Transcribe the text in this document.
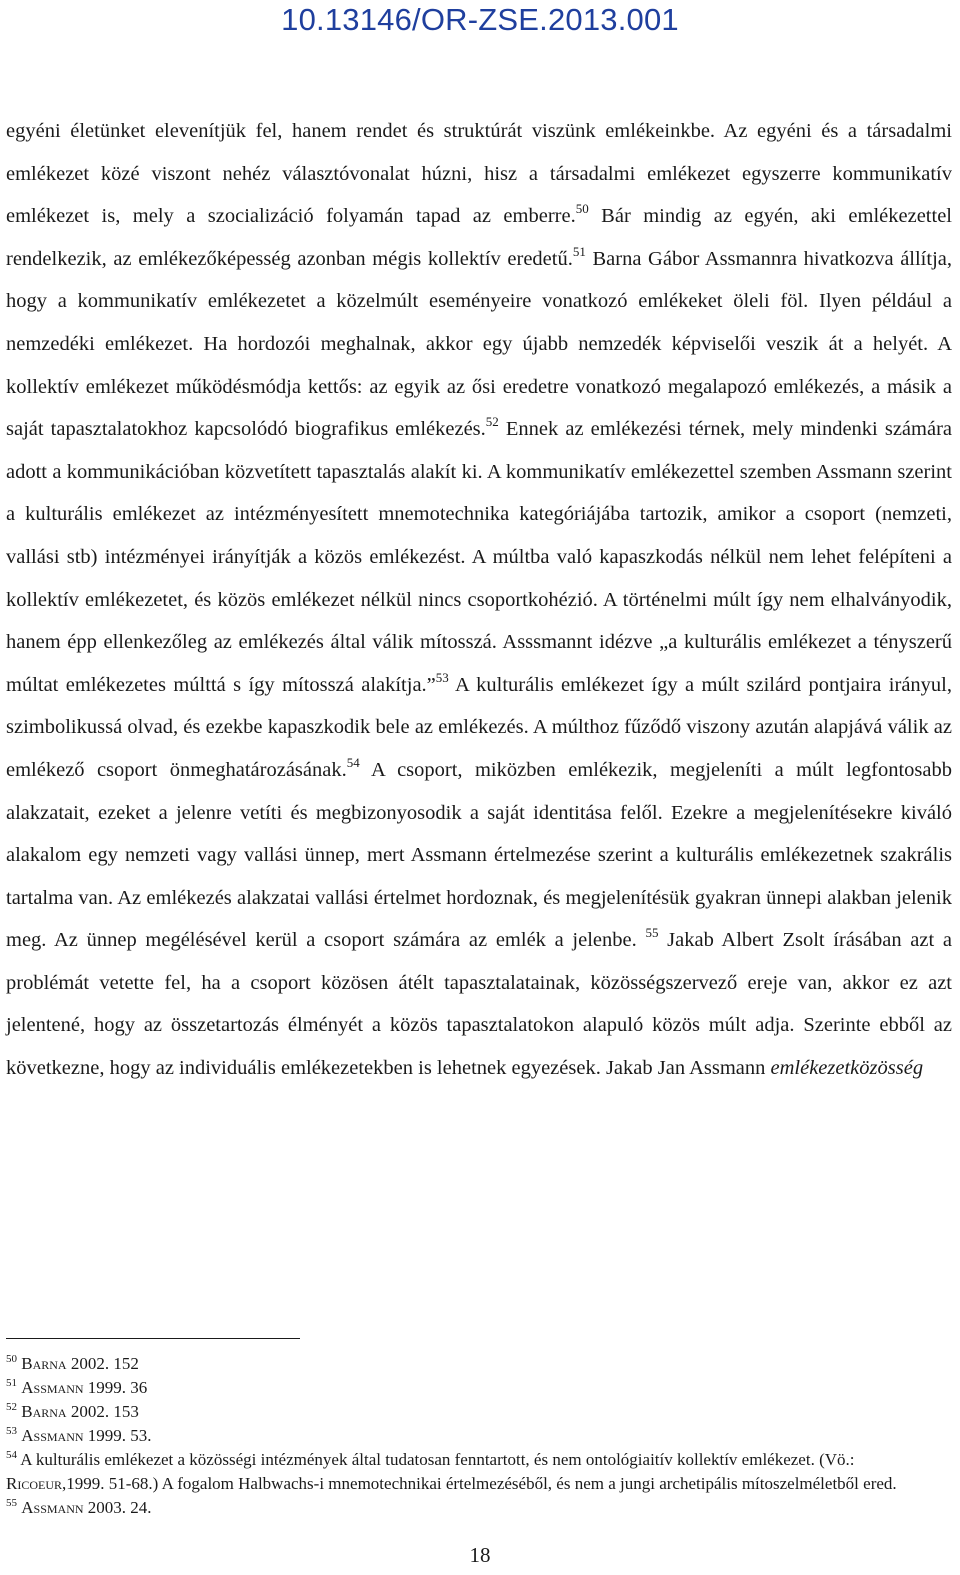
10.13146/OR-ZSE.2013.001

egyéni életünket elevenítjük fel, hanem rendet és struktúrát viszünk emlékeinkbe. Az egyéni és a társadalmi emlékezet közé viszont nehéz választóvonalat húzni, hisz a társadalmi emlékezet egyszerre kommunikatív emlékezet is, mely a szocializáció folyamán tapad az emberre.$^{50}$ Bár mindig az egyén, aki emlékezettel rendelkezik, az emlékezőképesség azonban mégis kollektív eredetű.$^{51}$ Barna Gábor Assmannra hivatkozva állítja, hogy a kommunikatív emlékezetet a közelmúlt eseményeire vonatkozó emlékeket öleli föl. Ilyen például a nemzedéki emlékezet. Ha hordozói meghalnak, akkor egy újabb nemzedék képviselői veszik át a helyét. A kollektív emlékezet működésmódja kettős: az egyik az ősi eredetre vonatkozó megalapozó emlékezés, a másik a saját tapasztalatokhoz kapcsolódó biografikus emlékezés.$^{52}$ Ennek az emlékezési térnek, mely mindenki számára adott a kommunikációban közvetített tapasztalás alakít ki. A kommunikatív emlékezettel szemben Assmann szerint a kulturális emlékezet az intézményesített mnemotechnika kategóriájába tartozik, amikor a csoport (nemzeti, vallási stb) intézményei irányítják a közös emlékezést. A múltba való kapaszkodás nélkül nem lehet felépíteni a kollektív emlékezetet, és közös emlékezet nélkül nincs csoportkohézió. A történelmi múlt így nem elhalványodik, hanem épp ellenkezőleg az emlékezés által válik mítosszá. Asssmannt idézve „a kulturális emlékezet a tényszerű múltat emlékezetes múlttá s így mítosszá alakítja.”$^{53}$ A kulturális emlékezet így a múlt szilárd pontjaira irányul, szimbolikussá olvad, és ezekbe kapaszkodik bele az emlékezés. A múlthoz fűződő viszony azután alapjává válik az emlékező csoport önmeghatározásának.$^{54}$ A csoport, miközben emlékezik, megjeleníti a múlt legfontosabb alakzatait, ezeket a jelenre vetíti és megbizonyosodik a saját identitása felől. Ezekre a megjelenítésekre kiváló alakalom egy nemzeti vagy vallási ünnep, mert Assmann értelmezése szerint a kulturális emlékezetnek szakrális tartalma van. Az emlékezés alakzatai vallási értelmet hordoznak, és megjelenítésük gyakran ünnepi alakban jelenik meg. Az ünnep megélésével kerül a csoport számára az emlék a jelenbe. $^{55}$ Jakab Albert Zsolt írásában azt a problémát vetette fel, ha a csoport közösen átélt tapasztalatainak, közösségszervező ereje van, akkor ez azt jelentené, hogy az összetartozás élményét a közös tapasztalatokon alapuló közös múlt adja. Szerinte ebből az következne, hogy az individuális emlékezetekben is lehetnek egyezések. Jakab Jan Assmann emlékezetközösség

$^{50}$ Barna 2002. 152
$^{51}$ Assmann 1999. 36
$^{52}$ Barna 2002. 153
$^{53}$ Assmann 1999. 53.
$^{54}$ A kulturális emlékezet a közösségi intézmények által tudatosan fenntartott, és nem ontológiaitív kollektív emlékezet. (Vö.: Ricoeur,1999. 51-68.) A fogalom Halbwachs-i mnemotechnikai értelmezéséből, és nem a jungi archetipális mítoszelméletből ered.
$^{55}$ Assmann 2003. 24.
18
